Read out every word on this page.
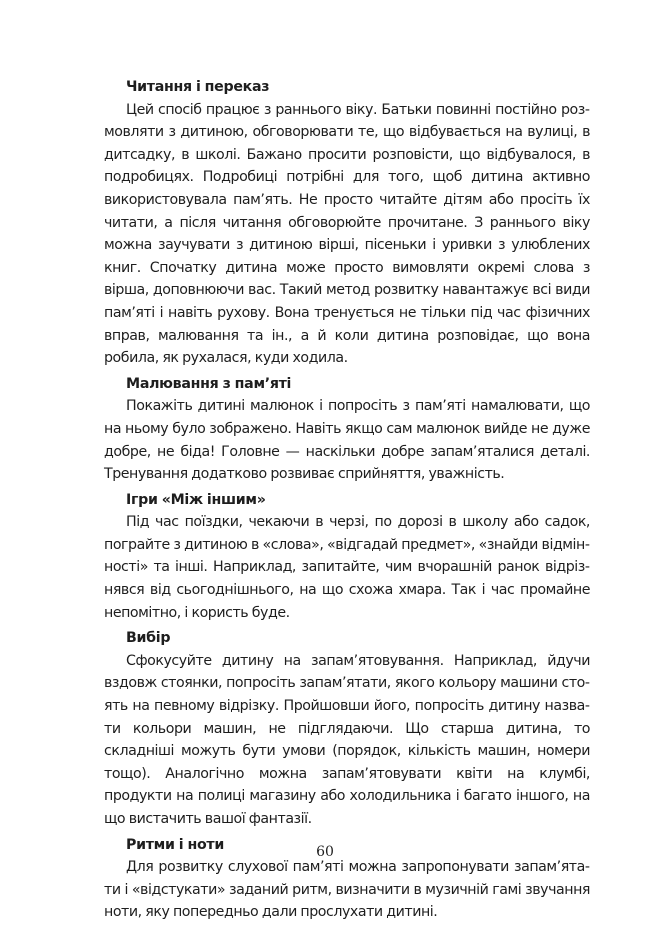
Читання і переказ

Цей спосіб працює з раннього віку. Батьки повинні постійно розмовляти з дитиною, обговорювати те, що відбувається на вулиці, в дитсадку, в школі. Бажано просити розповісти, що відбувалося, в подробицях. Подробиці потрібні для того, щоб дитина активно використовувала пам’ять. Не просто читайте дітям або просіть їх читати, а після читання обговорюйте прочитане. З раннього віку можна заучувати з дитиною вірші, пісеньки і уривки з улюблених книг. Спочатку дитина може просто вимовляти окремі слова з вірша, доповнюючи вас. Такий метод розвитку навантажує всі види пам’яті і навіть рухову. Вона тренується не тільки під час фізичних вправ, малювання та ін., а й коли дитина розповідає, що вона робила, як рухалася, куди ходила.

Малювання з пам’яті

Покажіть дитині малюнок і попросіть з пам’яті намалювати, що на ньому було зображено. Навіть якщо сам малюнок вийде не дуже добре, не біда! Головне — наскільки добре запам’яталися деталі. Тренування додатково розвиває сприйняття, уважність.

Ігри «Між іншим»

Під час поїздки, чекаючи в черзі, по дорозі в школу або садок, пограйте з дитиною в «слова», «відгадай предмет», «знайди відмінності» та інші. Наприклад, запитайте, чим вчорашній ранок відрізнявся від сьогоднішнього, на що схожа хмара. Так і час промайне непомітно, і користь буде.

Вибір

Сфокусуйте дитину на запам’ятовування. Наприклад, йдучи вздовж стоянки, попросіть запам’ятати, якого кольору машини стоять на певному відрізку. Пройшовши його, попросіть дитину назвати кольори машин, не підглядаючи. Що старша дитина, то складніші можуть бути умови (порядок, кількість машин, номери тощо). Аналогічно можна запам’ятовувати квіти на клумбі, продукти на полиці магазину або холодильника і багато іншого, на що вистачить вашої фантазії.

Ритми і ноти

Для розвитку слухової пам’яті можна запропонувати запам’ятати і «відстукати» заданий ритм, визначити в музичній гамі звучання ноти, яку попередньо дали прослухати дитині.

60
